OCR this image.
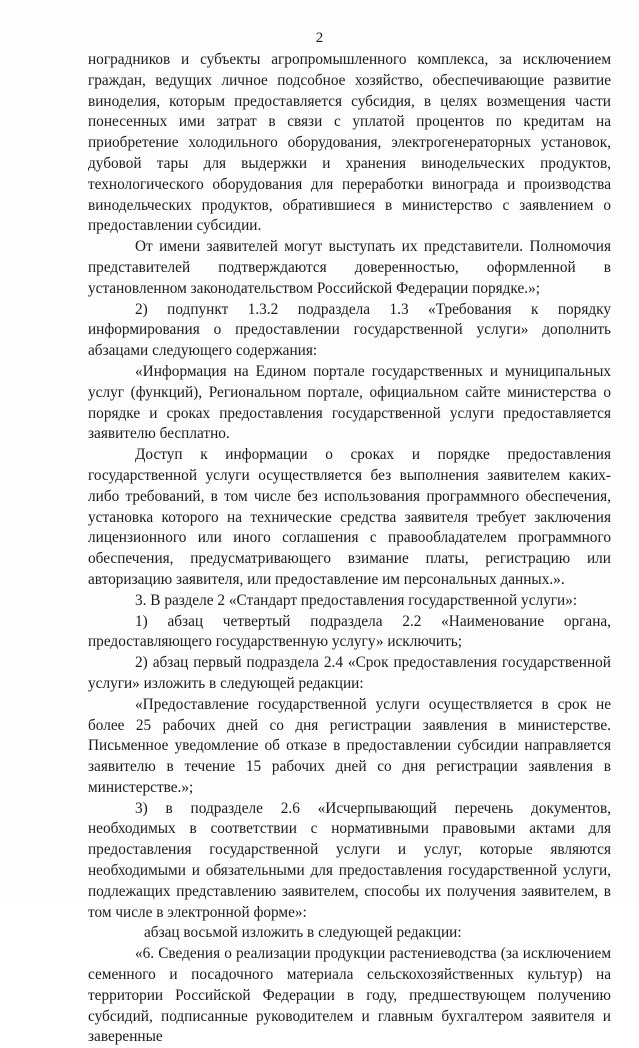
2

ноградников и субъекты агропромышленного комплекса, за исключением граждан, ведущих личное подсобное хозяйство, обеспечивающие развитие виноделия, которым предоставляется субсидия, в целях возмещения части понесенных ими затрат в связи с уплатой процентов по кредитам на приобретение холодильного оборудования, электрогенераторных установок, дубовой тары для выдержки и хранения винодельческих продуктов, технологического оборудования для переработки винограда и производства винодельческих продуктов, обратившиеся в министерство с заявлением о предоставлении субсидии.

От имени заявителей могут выступать их представители. Полномочия представителей подтверждаются доверенностью, оформленной в установленном законодательством Российской Федерации порядке.»;

2) подпункт 1.3.2 подраздела 1.3 «Требования к порядку информирования о предоставлении государственной услуги» дополнить абзацами следующего содержания:

«Информация на Едином портале государственных и муниципальных услуг (функций), Региональном портале, официальном сайте министерства о порядке и сроках предоставления государственной услуги предоставляется заявителю бесплатно.

Доступ к информации о сроках и порядке предоставления государственной услуги осуществляется без выполнения заявителем каких-либо требований, в том числе без использования программного обеспечения, установка которого на технические средства заявителя требует заключения лицензионного или иного соглашения с правообладателем программного обеспечения, предусматривающего взимание платы, регистрацию или авторизацию заявителя, или предоставление им персональных данных.».

3. В разделе 2 «Стандарт предоставления государственной услуги»:

1) абзац четвертый подраздела 2.2 «Наименование органа, предоставляющего государственную услугу» исключить;

2) абзац первый подраздела 2.4 «Срок предоставления государственной услуги» изложить в следующей редакции:

«Предоставление государственной услуги осуществляется в срок не более 25 рабочих дней со дня регистрации заявления в министерстве. Письменное уведомление об отказе в предоставлении субсидии направляется заявителю в течение 15 рабочих дней со дня регистрации заявления в министерстве.»;

3) в подразделе 2.6 «Исчерпывающий перечень документов, необходимых в соответствии с нормативными правовыми актами для предоставления государственной услуги и услуг, которые являются необходимыми и обязательными для предоставления государственной услуги, подлежащих представлению заявителем, способы их получения заявителем, в том числе в электронной форме»:

абзац восьмой изложить в следующей редакции:

«6. Сведения о реализации продукции растениеводства (за исключением семенного и посадочного материала сельскохозяйственных культур) на территории Российской Федерации в году, предшествующем получению субсидий, подписанные руководителем и главным бухгалтером заявителя и заверенные
